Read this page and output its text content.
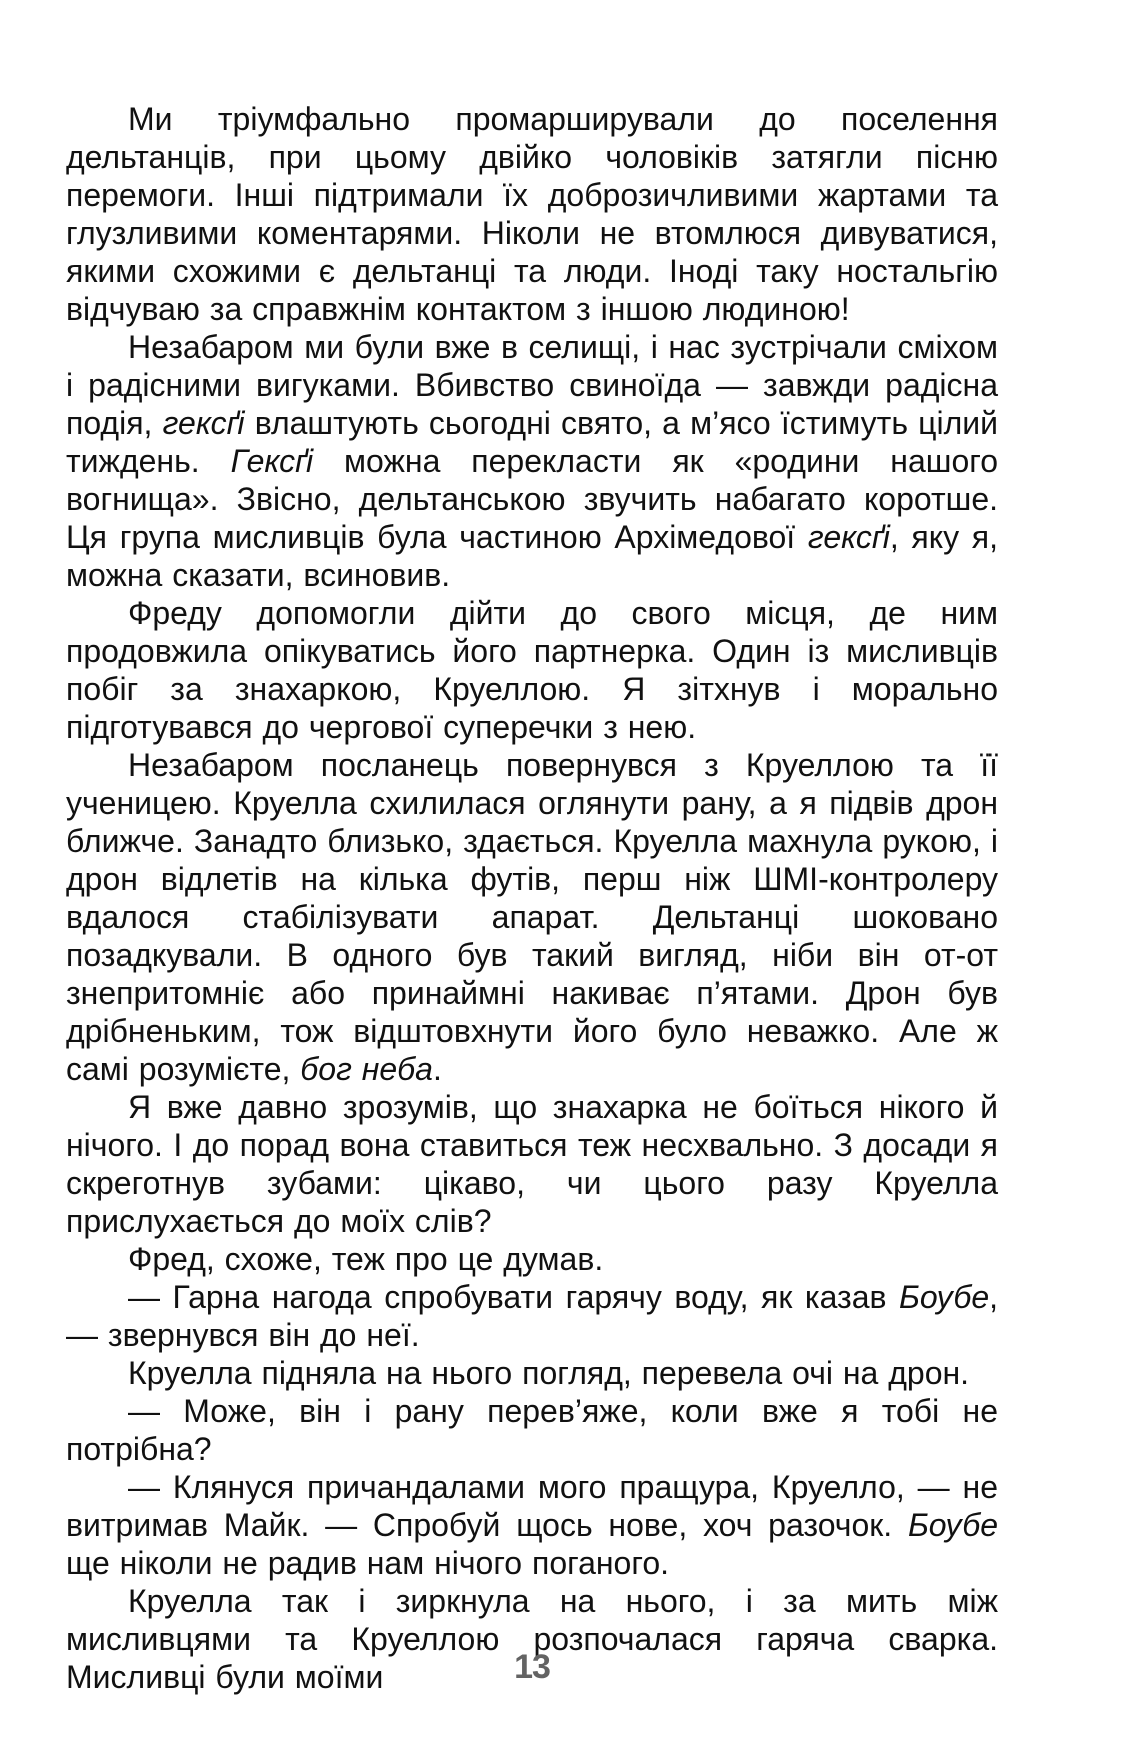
Ми тріумфально промарширували до поселення дельтанців, при цьому двійко чоловіків затягли пісню перемоги. Інші підтримали їх доброзичливими жартами та глузливими коментарями. Ніколи не втомлюся дивуватися, якими схожими є дельтанці та люди. Іноді таку ностальгію відчуваю за справжнім контактом з іншою людиною!

Незабаром ми були вже в селищі, і нас зустрічали сміхом і радісними вигуками. Вбивство свиноїда — завжди радісна подія, гексґі влаштують сьогодні свято, а м’ясо їстимуть цілий тиждень. Гексґі можна перекласти як «родини нашого вогнища». Звісно, дельтанською звучить набагато коротше. Ця група мисливців була частиною Архімедової гексґі, яку я, можна сказати, всиновив.

Фреду допомогли дійти до свого місця, де ним продовжила опікуватись його партнерка. Один із мисливців побіг за знахаркою, Круеллою. Я зітхнув і морально підготувався до чергової суперечки з нею.

Незабаром посланець повернувся з Круеллою та її ученицею. Круелла схилилася оглянути рану, а я підвів дрон ближче. Занадто близько, здається. Круелла махнула рукою, і дрон відлетів на кілька футів, перш ніж ШМІ-контролеру вдалося стабілізувати апарат. Дельтанці шоковано позадкували. В одного був такий вигляд, ніби він от-от знепритомніє або принаймні накиває п’ятами. Дрон був дрібненьким, тож відштовхнути його було неважко. Але ж самі розумієте, бог неба.

Я вже давно зрозумів, що знахарка не боїться нікого й нічого. І до порад вона ставиться теж несхвально. З досади я скреготнув зубами: цікаво, чи цього разу Круелла прислухається до моїх слів?

Фред, схоже, теж про це думав.

— Гарна нагода спробувати гарячу воду, як казав Боубе, — звернувся він до неї.

Круелла підняла на нього погляд, перевела очі на дрон.

— Може, він і рану перев’яже, коли вже я тобі не потрібна?

— Клянуся причандалами мого пращура, Круелло, — не витримав Майк. — Спробуй щось нове, хоч разочок. Боубе ще ніколи не радив нам нічого поганого.

Круелла так і зиркнула на нього, і за мить між мисливцями та Круеллою розпочалася гаряча сварка. Мисливці були моїми	13
